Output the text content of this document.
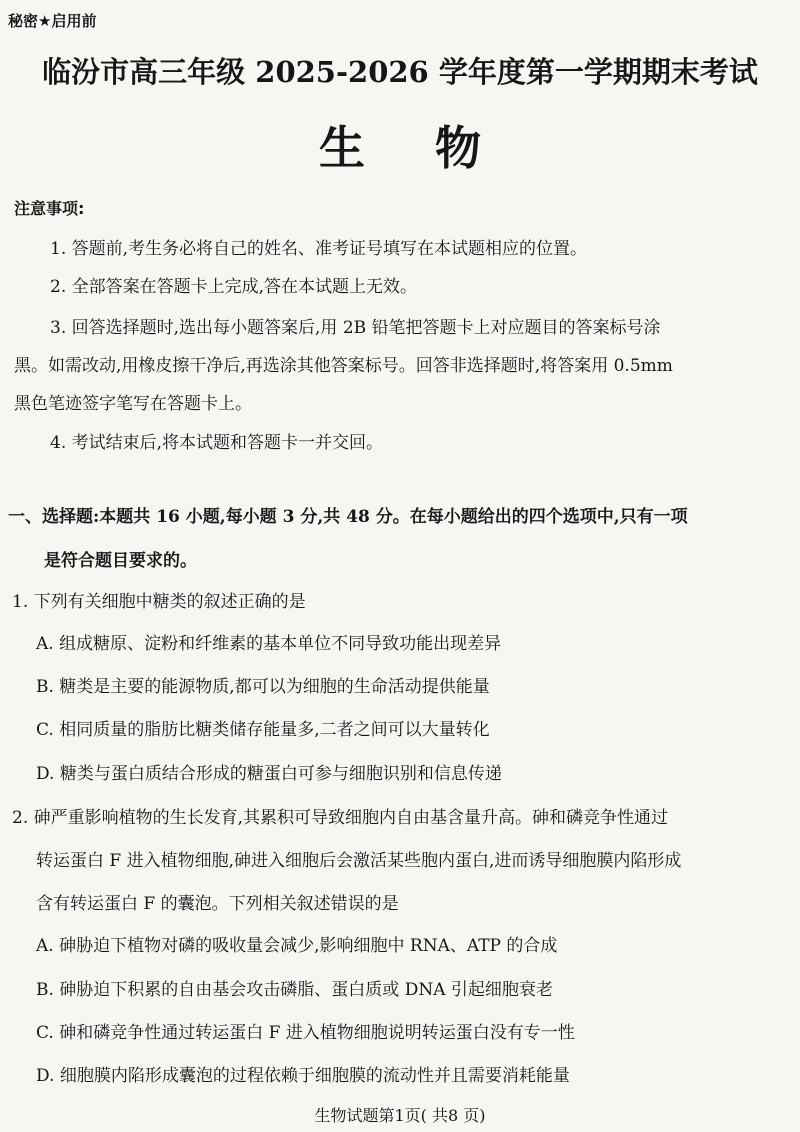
秘密★启用前
临汾市高三年级 2025-2026 学年度第一学期期末考试
生物
注意事项:
1. 答题前,考生务必将自己的姓名、准考证号填写在本试题相应的位置。
2. 全部答案在答题卡上完成,答在本试题上无效。
3. 回答选择题时,选出每小题答案后,用 2B 铅笔把答题卡上对应题目的答案标号涂
黑。如需改动,用橡皮擦干净后,再选涂其他答案标号。回答非选择题时,将答案用 0.5mm
黑色笔迹签字笔写在答题卡上。
4. 考试结束后,将本试题和答题卡一并交回。
一、选择题:本题共 16 小题,每小题 3 分,共 48 分。在每小题给出的四个选项中,只有一项
是符合题目要求的。
1. 下列有关细胞中糖类的叙述正确的是
A. 组成糖原、淀粉和纤维素的基本单位不同导致功能出现差异
B. 糖类是主要的能源物质,都可以为细胞的生命活动提供能量
C. 相同质量的脂肪比糖类储存能量多,二者之间可以大量转化
D. 糖类与蛋白质结合形成的糖蛋白可参与细胞识别和信息传递
2. 砷严重影响植物的生长发育,其累积可导致细胞内自由基含量升高。砷和磷竞争性通过
转运蛋白 F 进入植物细胞,砷进入细胞后会激活某些胞内蛋白,进而诱导细胞膜内陷形成
含有转运蛋白 F 的囊泡。下列相关叙述错误的是
A. 砷胁迫下植物对磷的吸收量会减少,影响细胞中 RNA、ATP 的合成
B. 砷胁迫下积累的自由基会攻击磷脂、蛋白质或 DNA 引起细胞衰老
C. 砷和磷竞争性通过转运蛋白 F 进入植物细胞说明转运蛋白没有专一性
D. 细胞膜内陷形成囊泡的过程依赖于细胞膜的流动性并且需要消耗能量
生物试题第1页( 共8 页)
